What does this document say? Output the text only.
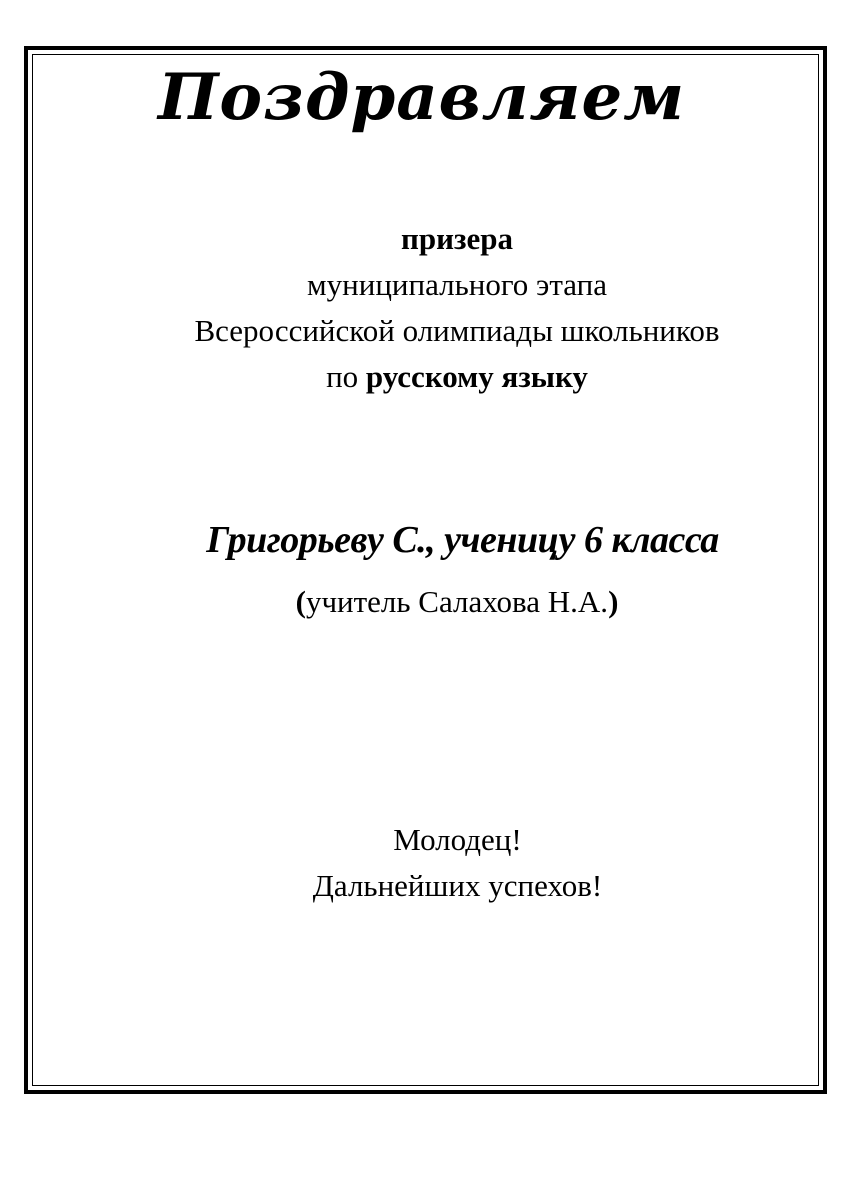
Поздравляем
призера
муниципального этапа
Всероссийской олимпиады школьников
по русскому языку
Григорьеву С., ученицу 6 класса
(учитель Салахова Н.А.)
Молодец!
Дальнейших успехов!
